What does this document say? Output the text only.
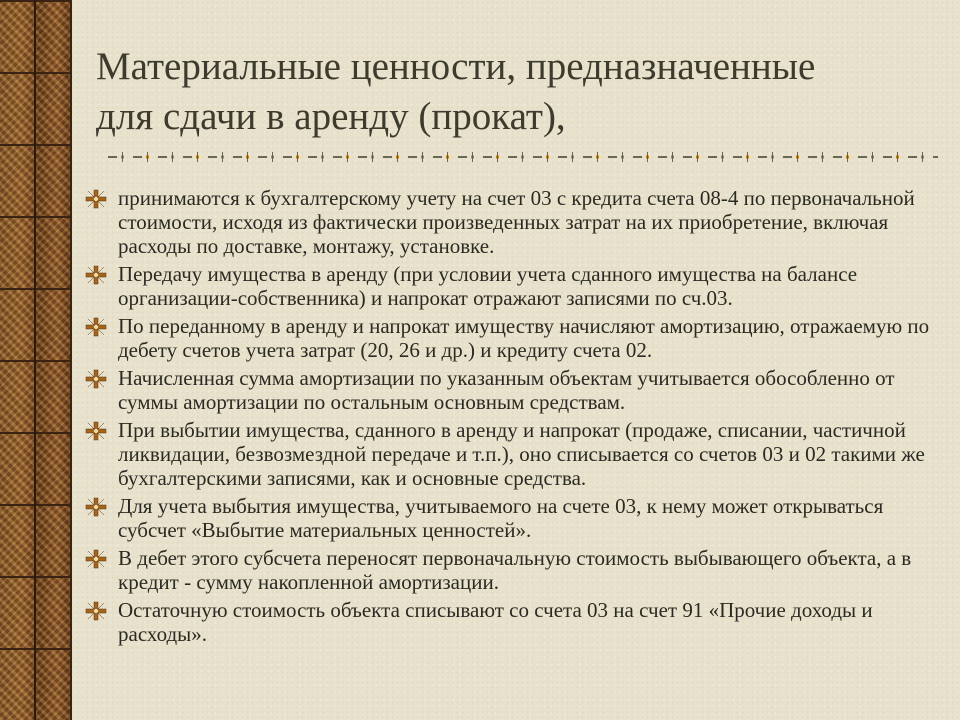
Материальные ценности, предназначенные
для сдачи в аренду (прокат),
принимаются к бухгалтерскому учету на счет 03 с кредита счета 08-4 по первоначальной стоимости, исходя из фактически произведенных затрат на их приобретение, включая расходы по доставке, монтажу, установке.
Передачу имущества в аренду (при условии учета сданного имущества на балансе организации-собственника) и напрокат отражают записями по сч.03.
По переданному в аренду и напрокат имуществу начисляют амортизацию, отражаемую по дебету счетов учета затрат (20, 26 и др.) и кредиту счета 02.
Начисленная сумма амортизации по указанным объектам учитывается обособленно от суммы амортизации по остальным основным средствам.
При выбытии имущества, сданного в аренду и напрокат (продаже, списании, частичной ликвидации, безвозмездной передаче и т.п.), оно списывается со счетов 03 и 02 такими же бухгалтерскими записями, как и основные средства.
Для учета выбытия имущества, учитываемого на счете 03, к нему может открываться субсчет «Выбытие материальных ценностей».
В дебет этого субсчета переносят первоначальную стоимость выбывающего объекта, а в кредит - сумму накопленной амортизации.
Остаточную стоимость объекта списывают со счета 03 на счет 91 «Прочие доходы и расходы».
